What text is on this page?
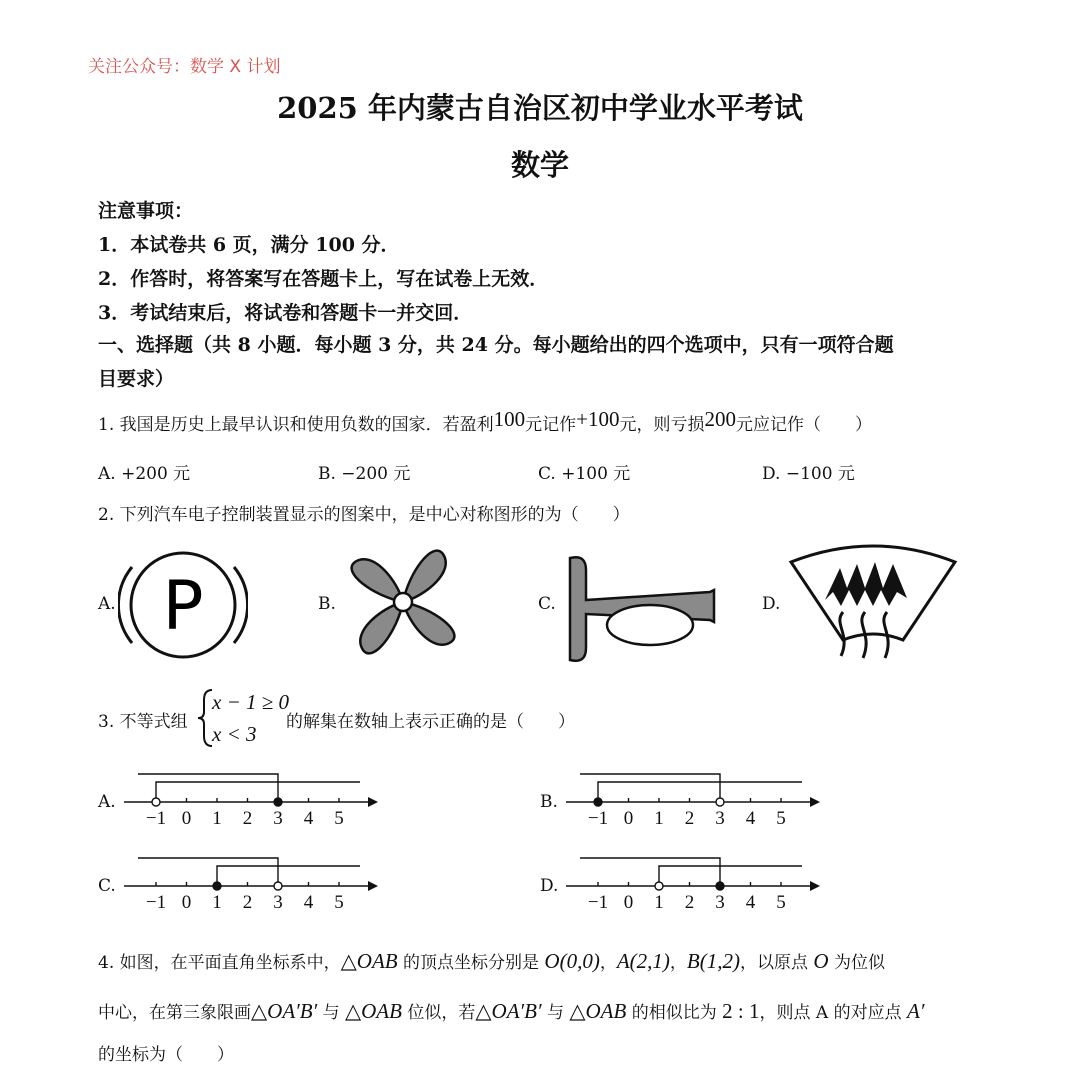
关注公众号：数学 X 计划
2025 年内蒙古自治区初中学业水平考试
数学
注意事项：
1．本试卷共 6 页，满分 100 分．
2．作答时，将答案写在答题卡上，写在试卷上无效．
3．考试结束后，将试卷和答题卡一并交回．
一、选择题（共 8 小题．每小题 3 分，共 24 分。每小题给出的四个选项中，只有一项符合题
目要求）
1. 我国是历史上最早认识和使用负数的国家．若盈利100元记作+100元，则亏损200元应记作（　　）
A. +200 元	B. −200 元	C. +100 元	D. −100 元
2. 下列汽车电子控制装置显示的图案中，是中心对称图形的为（　　）
A. P	B.	C.	D.
3. 不等式组
x − 1 ≥ 0
x < 3 的解集在数轴上表示正确的是（　　）
A.
−1 0 1 2 3 4 5
B.
−1 0 1 2 3 4 5
C.
−1 0 1 2 3 4 5
D.
−1 0 1 2 3 4 5
4. 如图，在平面直角坐标系中，△OAB 的顶点坐标分别是 O(0,0)，A(2,1)，B(1,2)，以原点 O 为位似
中心，在第三象限画△OA′B′ 与 △OAB 位似，若△OA′B′ 与 △OAB 的相似比为 2 : 1，则点 A 的对应点 A′
的坐标为（　　）
